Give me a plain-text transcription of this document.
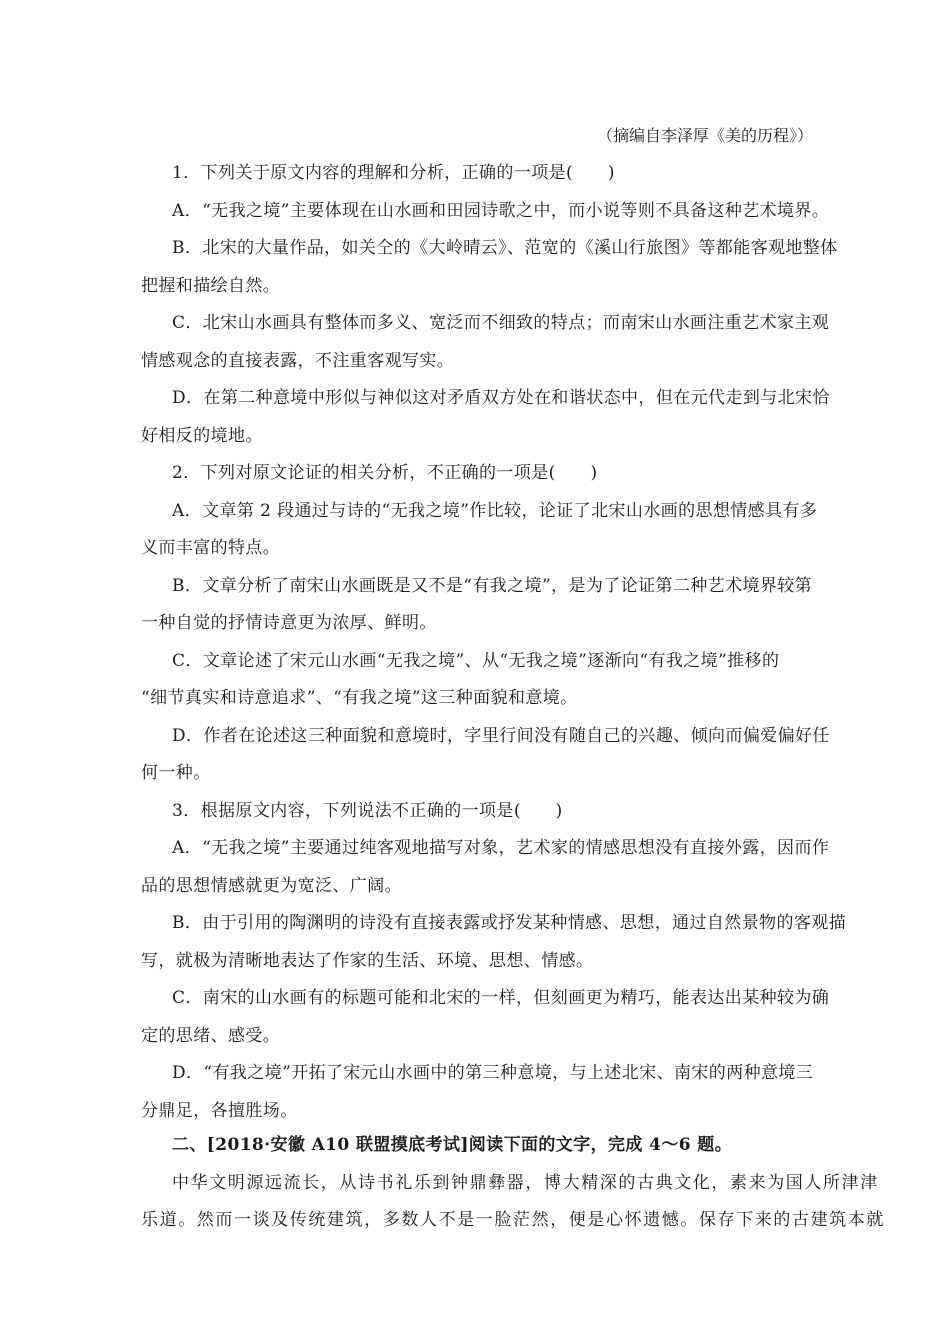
（摘编自李泽厚《美的历程》）
1．下列关于原文内容的理解和分析，正确的一项是(　　)
A．“无我之境”主要体现在山水画和田园诗歌之中，而小说等则不具备这种艺术境界。
B．北宋的大量作品，如关仝的《大岭晴云》、范宽的《溪山行旅图》等都能客观地整体
把握和描绘自然。
C．北宋山水画具有整体而多义、宽泛而不细致的特点；而南宋山水画注重艺术家主观
情感观念的直接表露，不注重客观写实。
D．在第二种意境中形似与神似这对矛盾双方处在和谐状态中，但在元代走到与北宋恰
好相反的境地。
2．下列对原文论证的相关分析，不正确的一项是(　　)
A．文章第 2 段通过与诗的“无我之境”作比较，论证了北宋山水画的思想情感具有多
义而丰富的特点。
B．文章分析了南宋山水画既是又不是“有我之境”，是为了论证第二种艺术境界较第
一种自觉的抒情诗意更为浓厚、鲜明。
C．文章论述了宋元山水画“无我之境”、从“无我之境”逐渐向“有我之境”推移的
“细节真实和诗意追求”、“有我之境”这三种面貌和意境。
D．作者在论述这三种面貌和意境时，字里行间没有随自己的兴趣、倾向而偏爱偏好任
何一种。
3．根据原文内容，下列说法不正确的一项是(　　)
A．“无我之境”主要通过纯客观地描写对象，艺术家的情感思想没有直接外露，因而作
品的思想情感就更为宽泛、广阔。
B．由于引用的陶渊明的诗没有直接表露或抒发某种情感、思想，通过自然景物的客观描
写，就极为清晰地表达了作家的生活、环境、思想、情感。
C．南宋的山水画有的标题可能和北宋的一样，但刻画更为精巧，能表达出某种较为确
定的思绪、感受。
D．“有我之境”开拓了宋元山水画中的第三种意境，与上述北宋、南宋的两种意境三
分鼎足，各擅胜场。
二、[2018·安徽 A10 联盟摸底考试]阅读下面的文字，完成 4～6 题。
中华文明源远流长，从诗书礼乐到钟鼎彝器，博大精深的古典文化，素来为国人所津津
乐道。然而一谈及传统建筑，多数人不是一脸茫然，便是心怀遗憾。保存下来的古建筑本就
